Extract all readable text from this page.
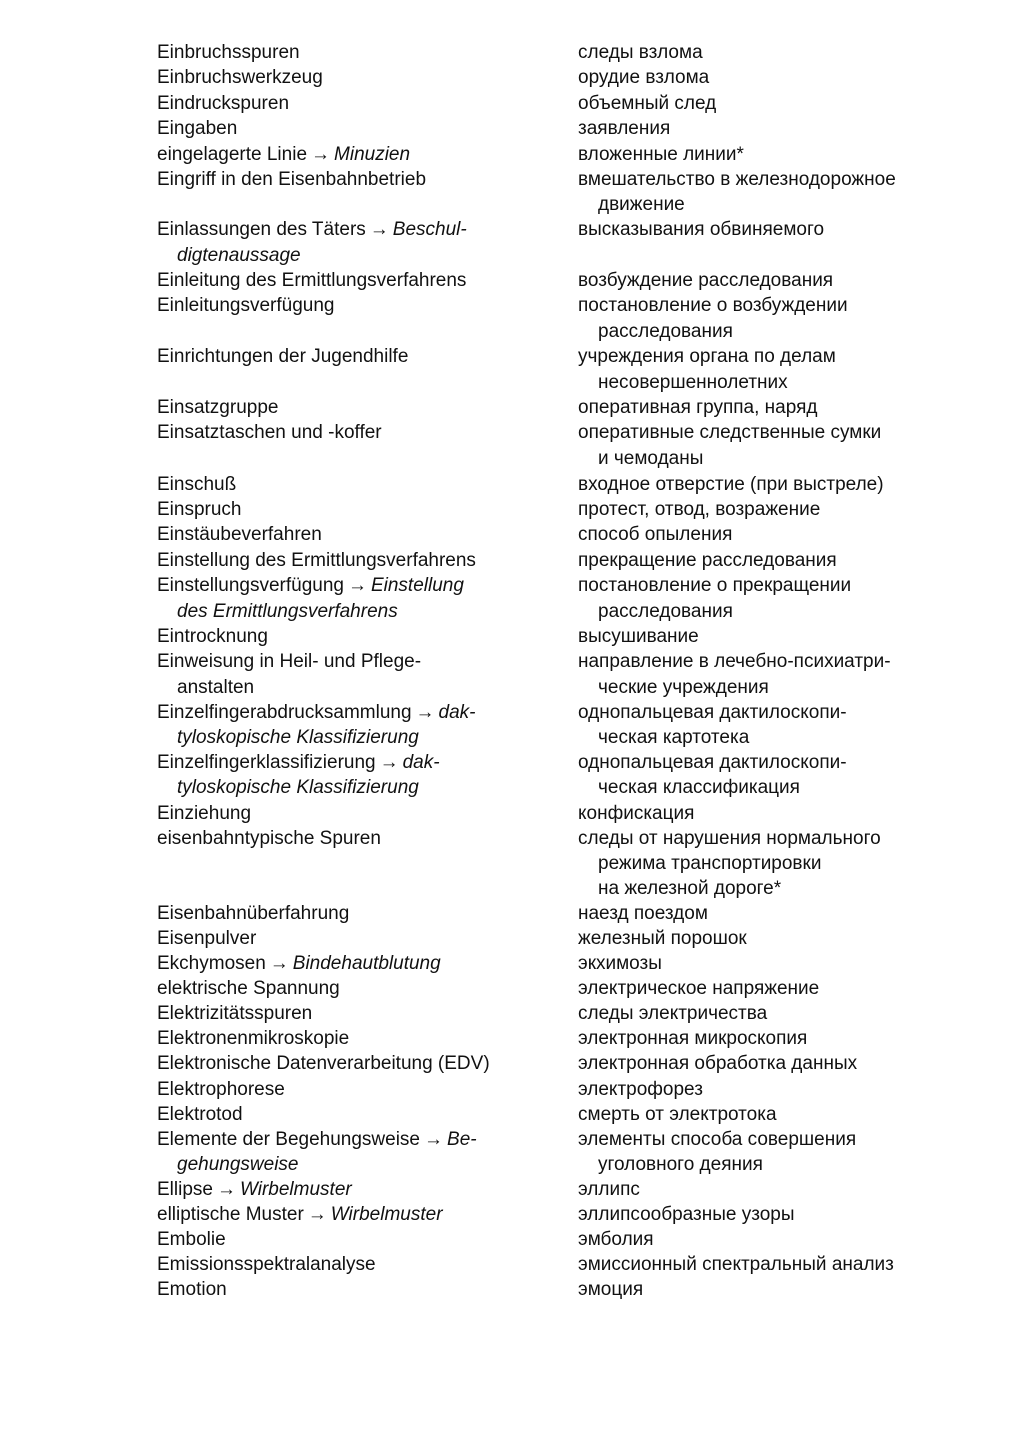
Einbruchsspuren
Einbruchswerkzeug
Eindruckspuren
Eingaben
eingelagerte Linie → Minuzien
Eingriff in den Eisenbahnbetrieb
Einlassungen des Täters → Beschul-
digtenaussage
Einleitung des Ermittlungsverfahrens
Einleitungsverfügung
Einrichtungen der Jugendhilfe
Einsatzgruppe
Einsatztaschen und -koffer
Einschuß
Einspruch
Einstäubeverfahren
Einstellung des Ermittlungsverfahrens
Einstellungsverfügung → Einstellung
des Ermittlungsverfahrens
Eintrocknung
Einweisung in Heil- und Pflege-
anstalten
Einzelfingerabdrucksammlung → dak-
tyloskopische Klassifizierung
Einzelfingerklassifizierung → dak-
tyloskopische Klassifizierung
Einziehung
eisenbahntypische Spuren
Eisenbahnüberfahrung
Eisenpulver
Ekchymosen → Bindehautblutung
elektrische Spannung
Elektrizitätsspuren
Elektronenmikroskopie
Elektronische Datenverarbeitung (EDV)
Elektrophorese
Elektrotod
Elemente der Begehungsweise → Be-
gehungsweise
Ellipse → Wirbelmuster
elliptische Muster → Wirbelmuster
Embolie
Emissionsspektralanalyse
Emotion
следы взлома
орудие взлома
объемный след
заявления
вложенные линии*
вмешательство в железнодорожное
движение
высказывания обвиняемого
возбуждение расследования
постановление о возбуждении
расследования
учреждения органа по делам
несовершеннолетних
оперативная группа, наряд
оперативные следственные сумки
и чемоданы
входное отверстие (при выстреле)
протест, отвод, возражение
способ опыления
прекращение расследования
постановление о прекращении
расследования
высушивание
направление в лечебно-психиатри-
ческие учреждения
однопальцевая дактилоскопи-
ческая картотека
однопальцевая дактилоскопи-
ческая классификация
конфискация
следы от нарушения нормального
режима транспортировки
на железной дороге*
наезд поездом
железный порошок
экхимозы
электрическое напряжение
следы электричества
электронная микроскопия
электронная обработка данных
электрофорез
смерть от электротока
элементы способа совершения
уголовного деяния
эллипс
эллипсообразные узоры
эмболия
эмиссионный спектральный анализ
эмоция
